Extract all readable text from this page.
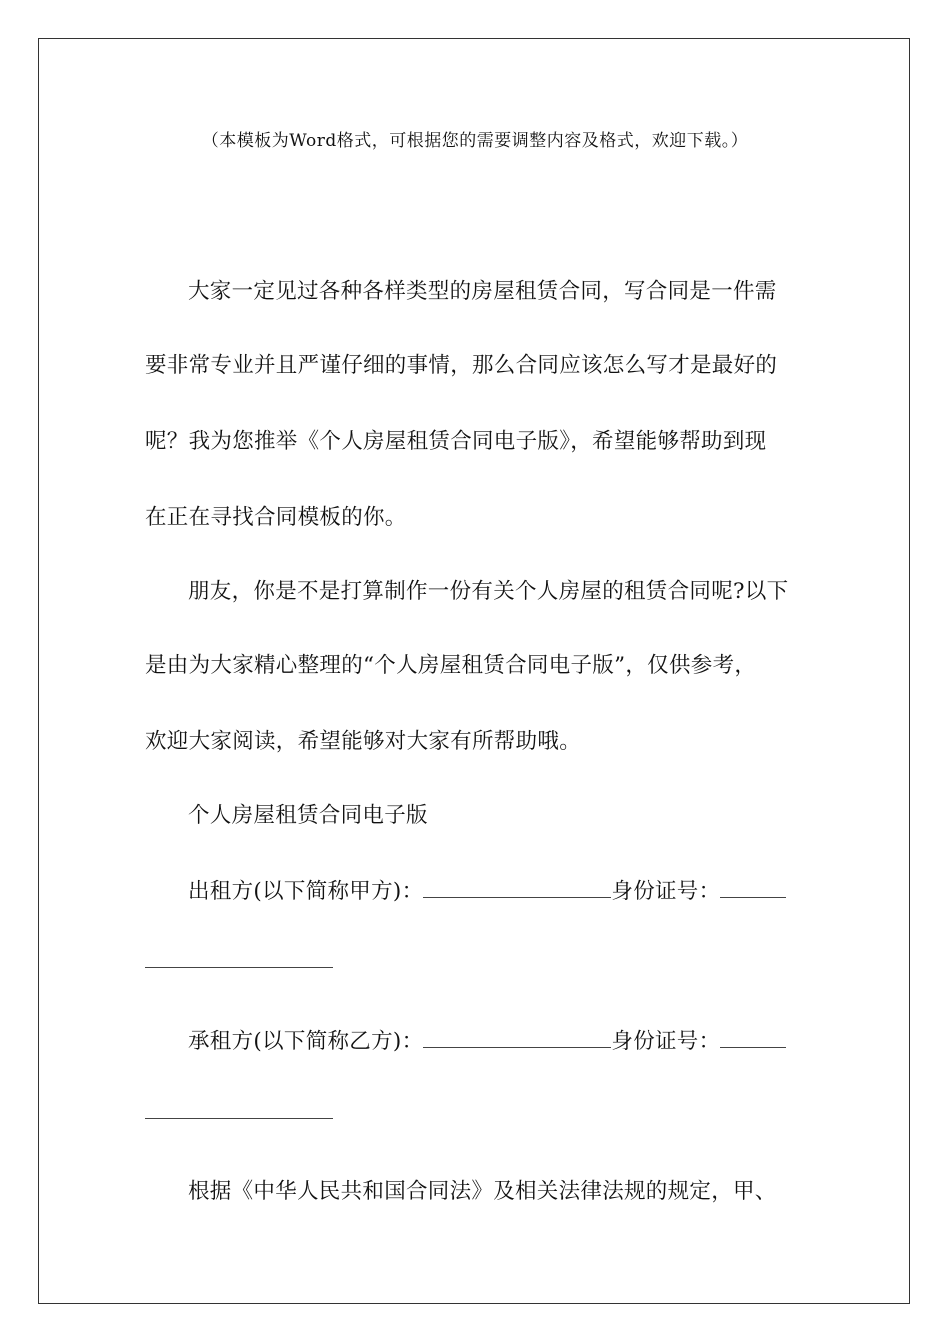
（本模板为Word格式，可根据您的需要调整内容及格式，欢迎下载。）
大家一定见过各种各样类型的房屋租赁合同，写合同是一件需
要非常专业并且严谨仔细的事情，那么合同应该怎么写才是最好的
呢？我为您推举《个人房屋租赁合同电子版》，希望能够帮助到现
在正在寻找合同模板的你。
朋友，你是不是打算制作一份有关个人房屋的租赁合同呢?以下
是由为大家精心整理的“个人房屋租赁合同电子版”，仅供参考，
欢迎大家阅读，希望能够对大家有所帮助哦。
个人房屋租赁合同电子版
出租方(以下简称甲方)：	身份证号：
承租方(以下简称乙方)：	身份证号：
根据《中华人民共和国合同法》及相关法律法规的规定，甲、
